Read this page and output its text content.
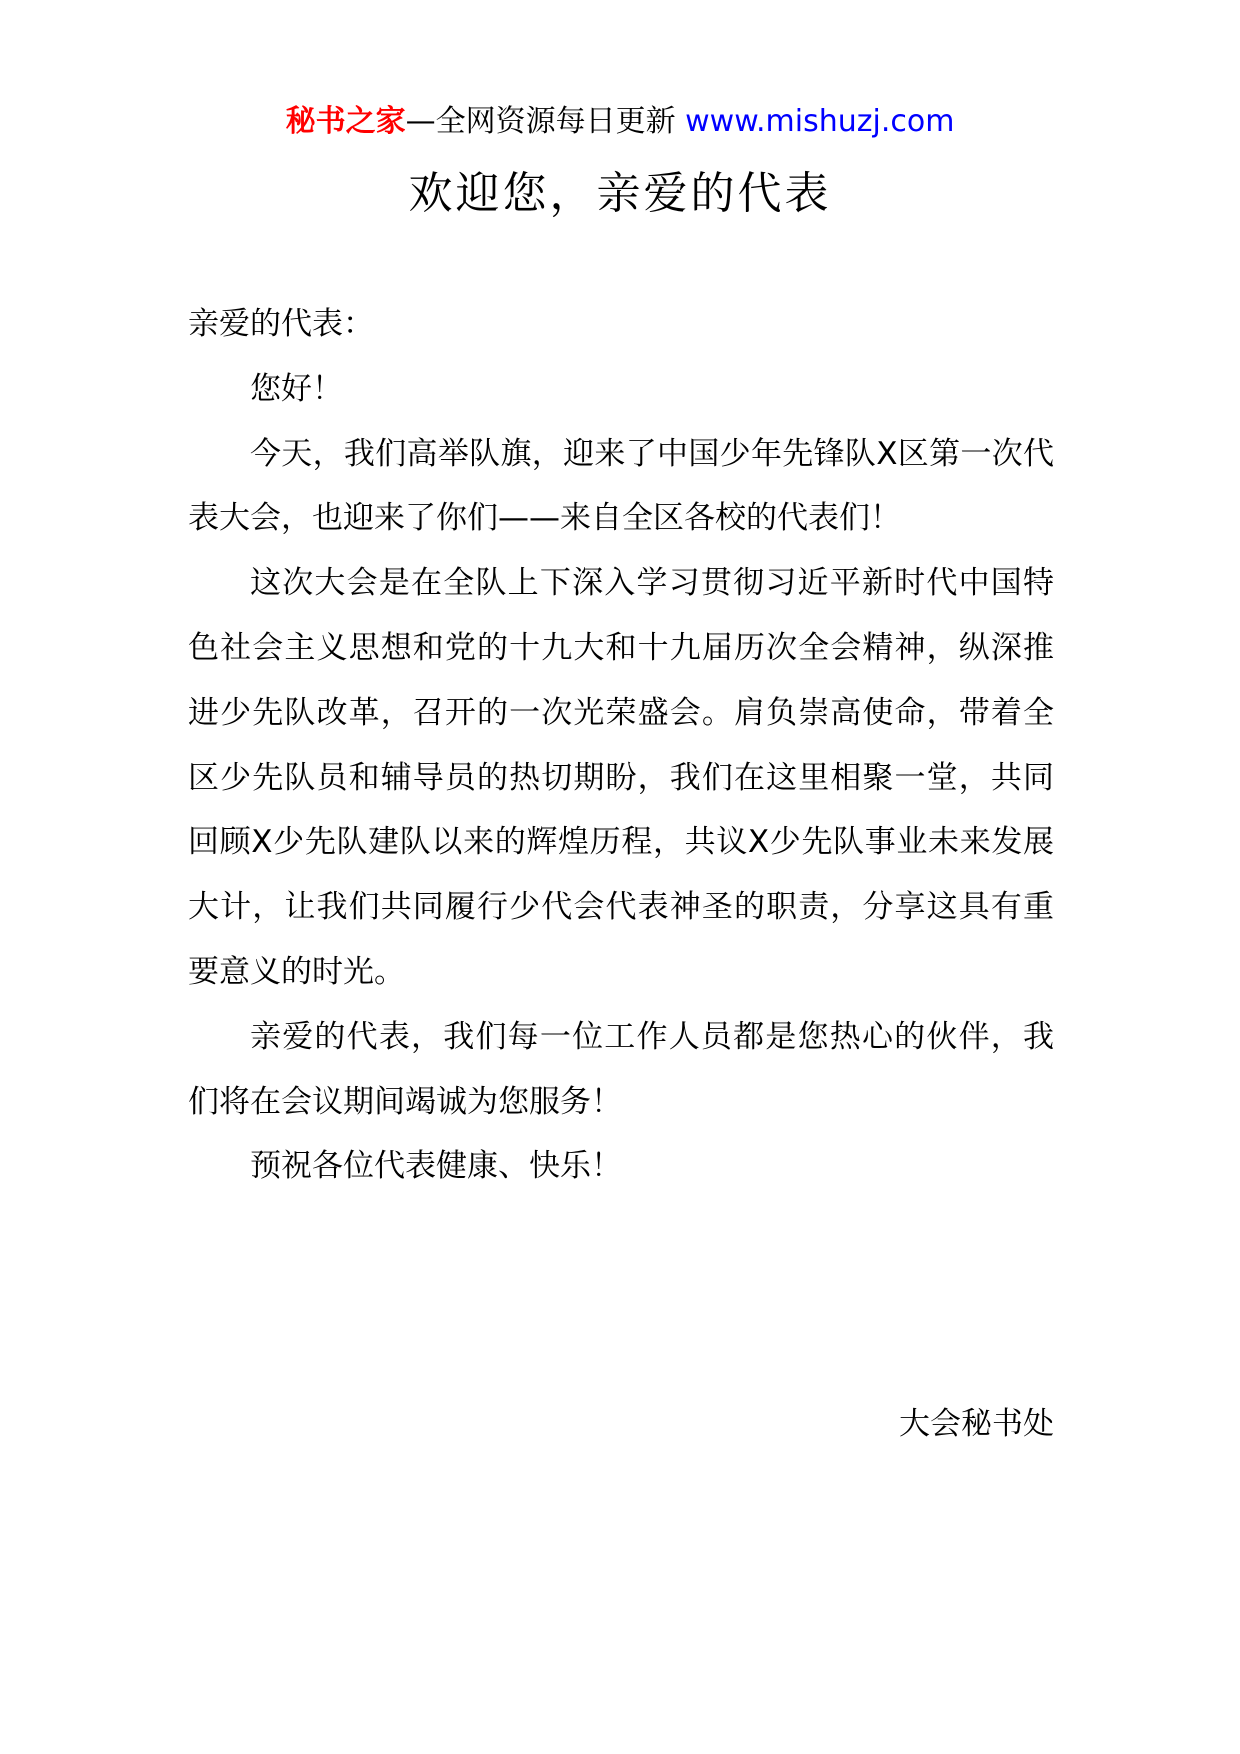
秘书之家—全网资源每日更新 www.mishuzj.com
欢迎您，亲爱的代表

亲爱的代表：

您好！

今天，我们高举队旗，迎来了中国少年先锋队X区第一次代表大会，也迎来了你们——来自全区各校的代表们！

这次大会是在全队上下深入学习贯彻习近平新时代中国特色社会主义思想和党的十九大和十九届历次全会精神，纵深推进少先队改革，召开的一次光荣盛会。肩负崇高使命，带着全区少先队员和辅导员的热切期盼，我们在这里相聚一堂，共同回顾X少先队建队以来的辉煌历程，共议X少先队事业未来发展大计，让我们共同履行少代会代表神圣的职责，分享这具有重要意义的时光。

亲爱的代表，我们每一位工作人员都是您热心的伙伴，我们将在会议期间竭诚为您服务！

预祝各位代表健康、快乐！

大会秘书处
